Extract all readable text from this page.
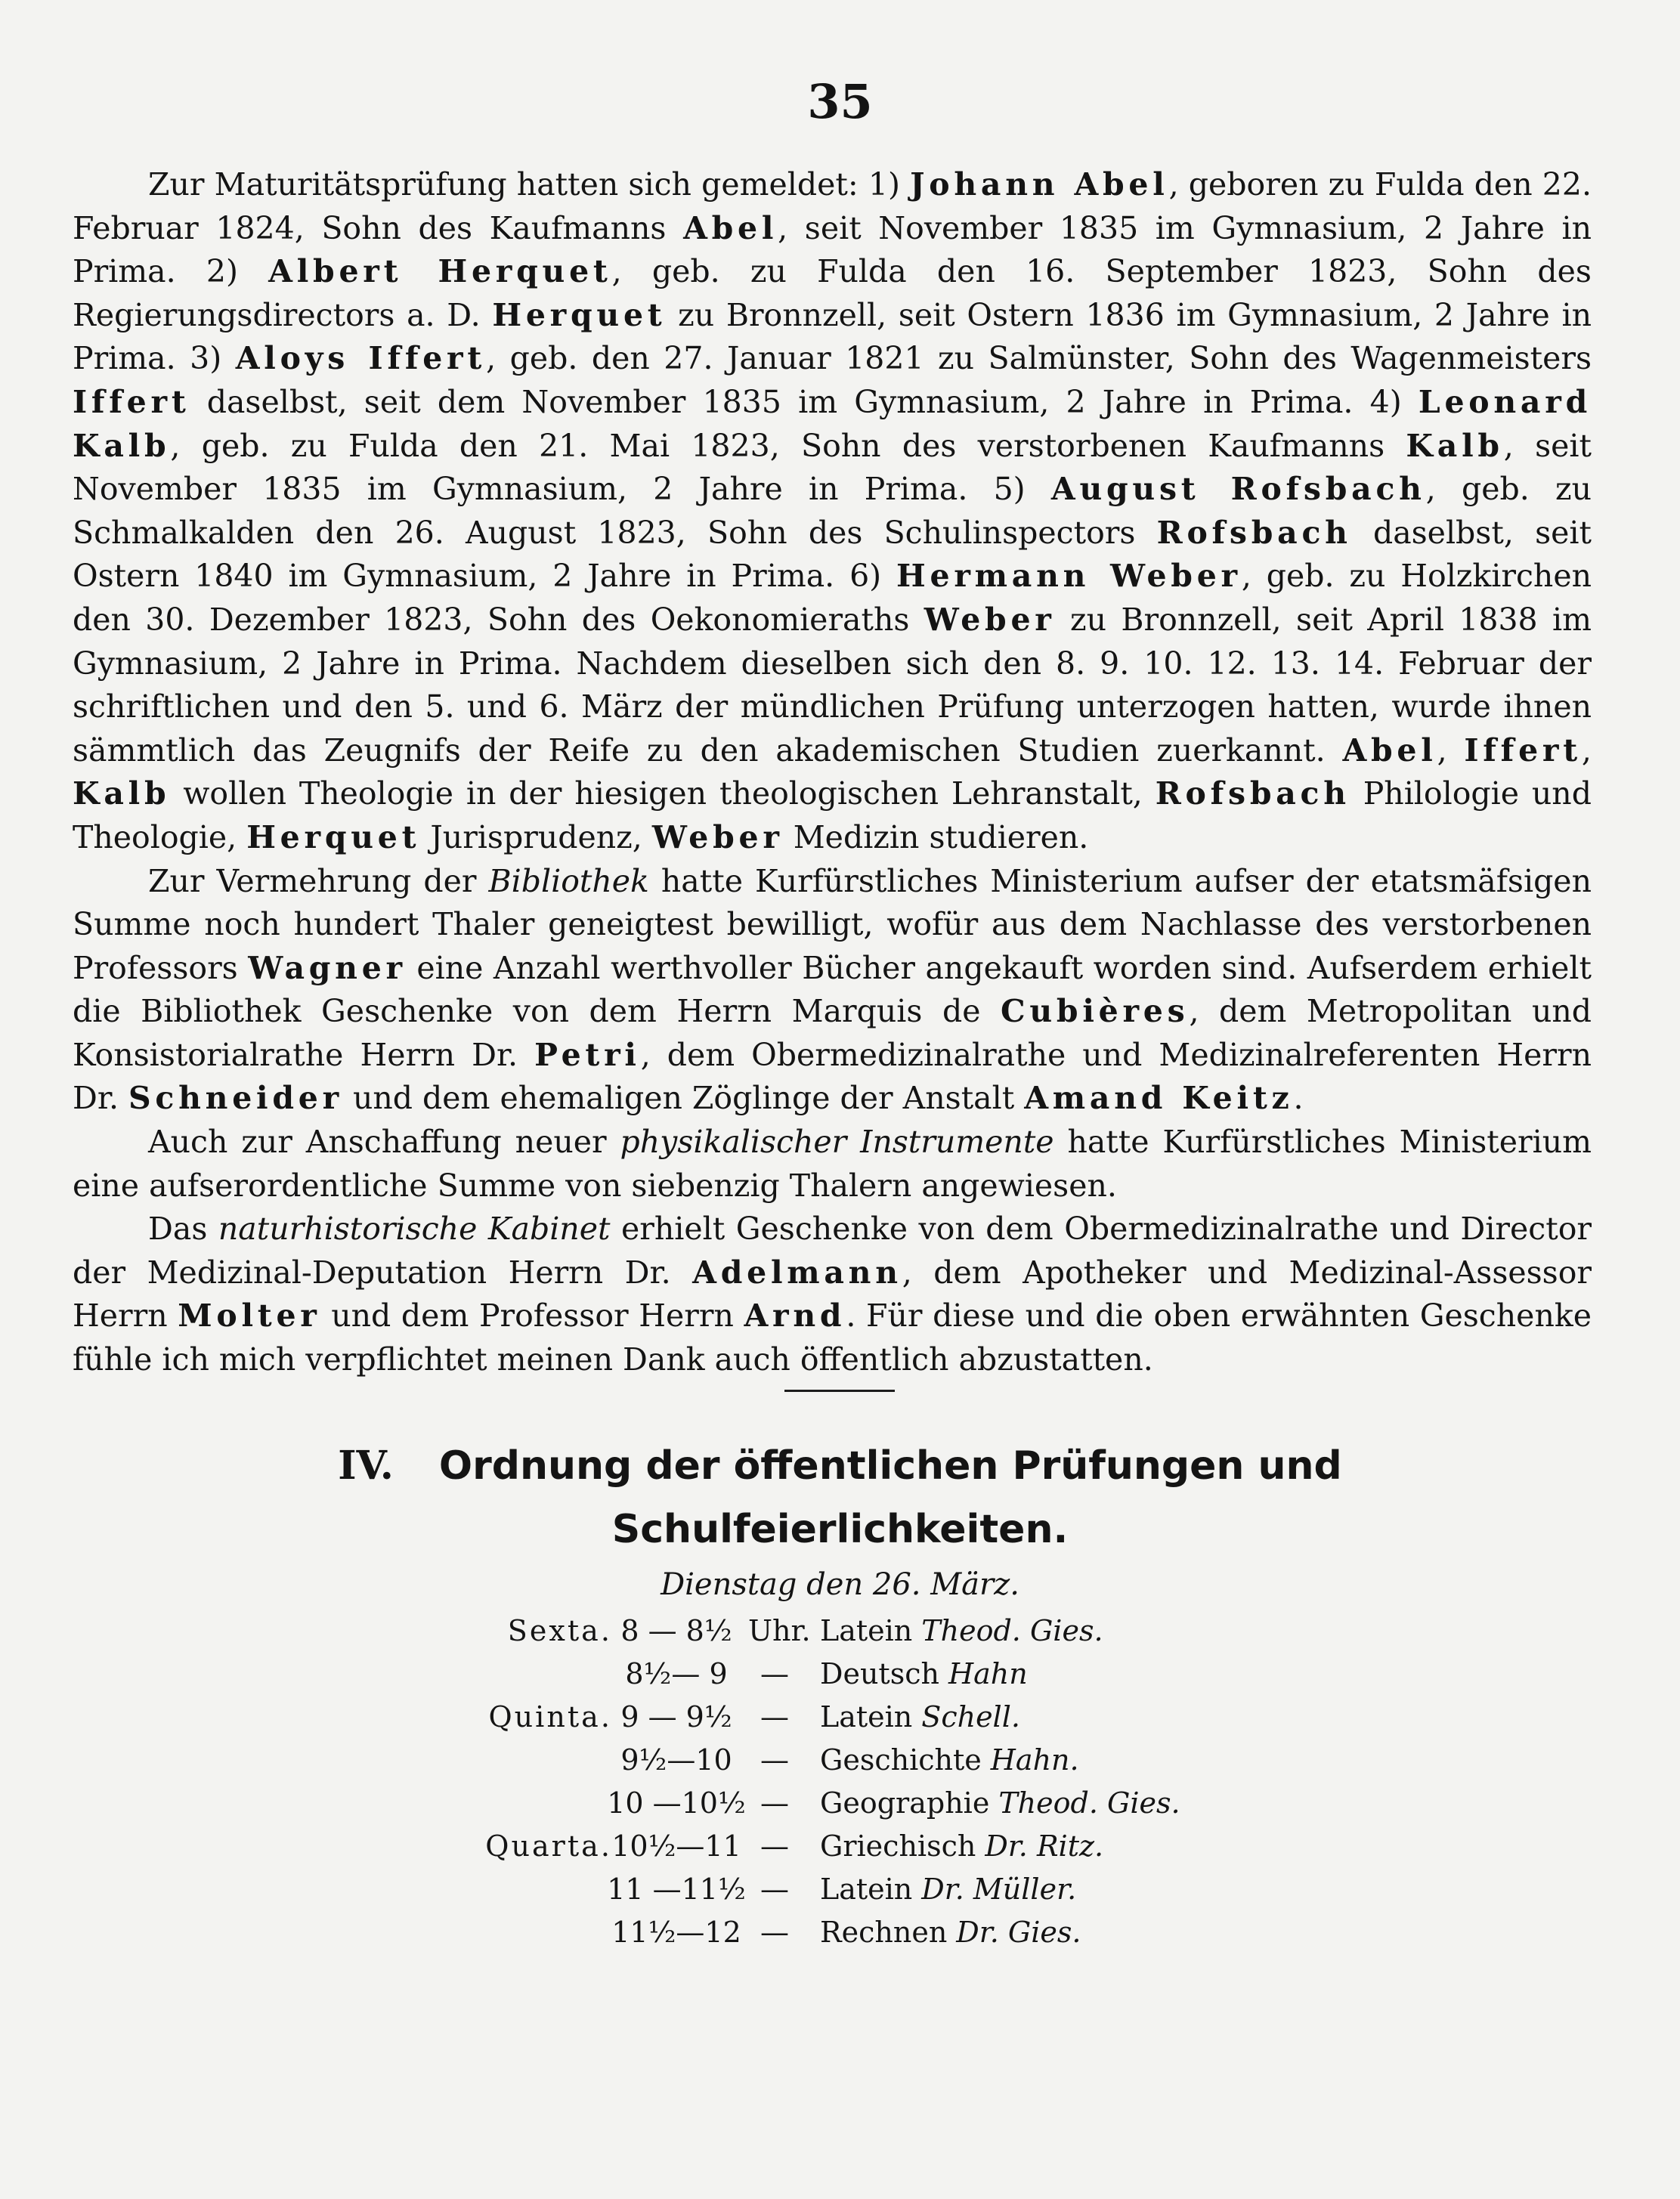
35

Zur Maturitätsprüfung hatten sich gemeldet: 1) Johann Abel, geboren zu Fulda den 22. Februar 1824, Sohn des Kaufmanns Abel, seit November 1835 im Gymnasium, 2 Jahre in Prima. 2) Albert Herquet, geb. zu Fulda den 16. September 1823, Sohn des Regierungsdirectors a. D. Herquet zu Bronnzell, seit Ostern 1836 im Gymnasium, 2 Jahre in Prima. 3) Aloys Iffert, geb. den 27. Januar 1821 zu Salmünster, Sohn des Wagenmeisters Iffert daselbst, seit dem November 1835 im Gymnasium, 2 Jahre in Prima. 4) Leonard Kalb, geb. zu Fulda den 21. Mai 1823, Sohn des verstorbenen Kaufmanns Kalb, seit November 1835 im Gymnasium, 2 Jahre in Prima. 5) August Rofsbach, geb. zu Schmalkalden den 26. August 1823, Sohn des Schulinspectors Rofsbach daselbst, seit Ostern 1840 im Gymnasium, 2 Jahre in Prima. 6) Hermann Weber, geb. zu Holzkirchen den 30. Dezember 1823, Sohn des Oekonomieraths Weber zu Bronnzell, seit April 1838 im Gymnasium, 2 Jahre in Prima. Nachdem dieselben sich den 8. 9. 10. 12. 13. 14. Februar der schriftlichen und den 5. und 6. März der mündlichen Prüfung unterzogen hatten, wurde ihnen sämmtlich das Zeugnifs der Reife zu den akademischen Studien zuerkannt. Abel, Iffert, Kalb wollen Theologie in der hiesigen theologischen Lehranstalt, Rofsbach Philologie und Theologie, Herquet Jurisprudenz, Weber Medizin studieren.

Zur Vermehrung der Bibliothek hatte Kurfürstliches Ministerium aufser der etatsmäfsigen Summe noch hundert Thaler geneigtest bewilligt, wofür aus dem Nachlasse des verstorbenen Professors Wagner eine Anzahl werthvoller Bücher angekauft worden sind. Aufserdem erhielt die Bibliothek Geschenke von dem Herrn Marquis de Cubières, dem Metropolitan und Konsistorialrathe Herrn Dr. Petri, dem Obermedizinalrathe und Medizinalreferenten Herrn Dr. Schneider und dem ehemaligen Zöglinge der Anstalt Amand Keitz.

Auch zur Anschaffung neuer physikalischer Instrumente hatte Kurfürstliches Ministerium eine aufserordentliche Summe von siebenzig Thalern angewiesen.

Das naturhistorische Kabinet erhielt Geschenke von dem Obermedizinalrathe und Director der Medizinal-Deputation Herrn Dr. Adelmann, dem Apotheker und Medizinal-Assessor Herrn Molter und dem Professor Herrn Arnd. Für diese und die oben erwähnten Geschenke fühle ich mich verpflichtet meinen Dank auch öffentlich abzustatten.

IV. Ordnung der öffentlichen Prüfungen und
Schulfeierlichkeiten.
Dienstag den 26. März.
Sexta. 8 — 8½ Uhr. Latein Theod. Gies.
8½— 9	—	Deutsch Hahn
Quinta. 9 — 9½ —	Latein Schell.
9½—10 —	Geschichte Hahn.
10 —10½ —	Geographie Theod. Gies.
Quarta. 10½—11 —	Griechisch Dr. Ritz.
11 —11½ —	Latein Dr. Müller.
11½—12 —	Rechnen Dr. Gies.
